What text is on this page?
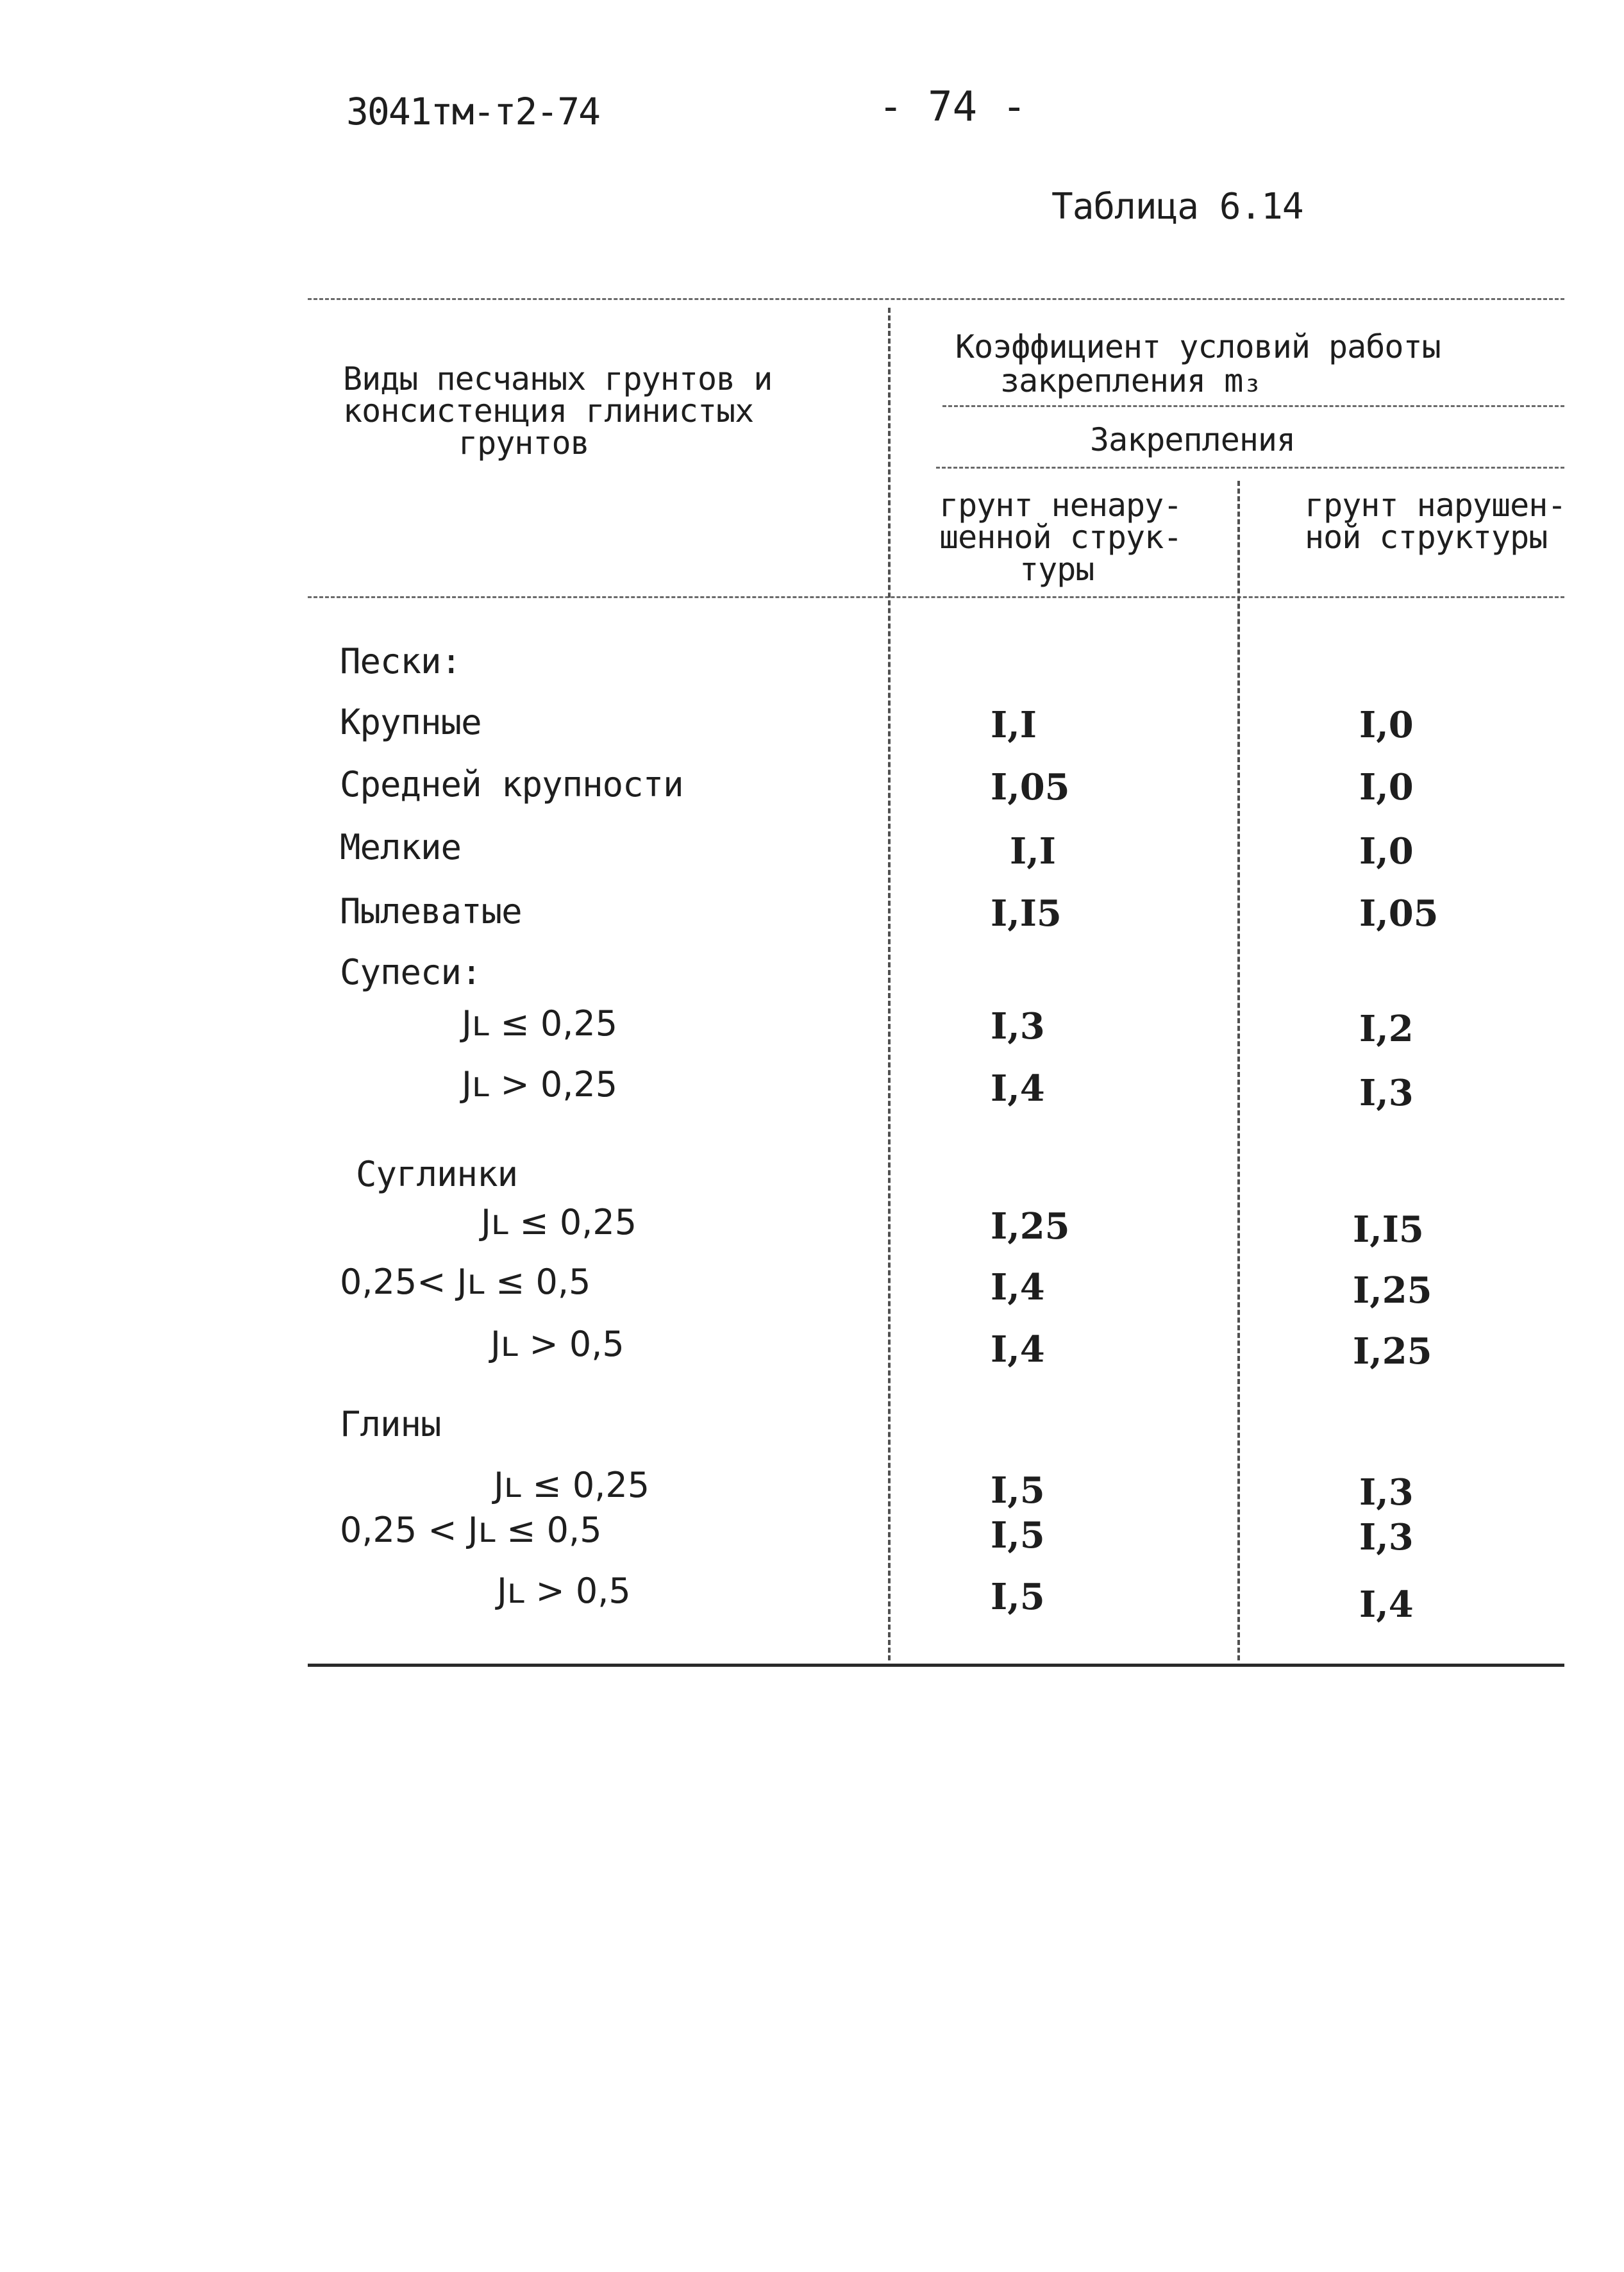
3041тм-т2-74	- 74 -
Таблица 6.14
Виды песчаных грунтов и
консистенция глинистых
грунтов
Коэффициент условий работы
закрепления m₃
Закрепления
грунт ненару-
шенной струк-
туры
грунт нарушен-
ной структуры
Пески:
Крупные	I,I	I,0
Средней крупности	I,05	I,0
Мелкие	I,I	I,0
Пылеватые	I,I5	I,05
Супеси:
Jʟ ≤ 0,25	I,3	I,2
Jʟ > 0,25	I,4	I,3
Суглинки
Jʟ ≤ 0,25	I,25	I,I5
0,25< Jʟ ≤ 0,5	I,4	I,25
Jʟ > 0,5	I,4	I,25
Глины
Jʟ ≤ 0,25	I,5	I,3
0,25 < Jʟ ≤ 0,5	I,5	I,3
Jʟ > 0,5	I,5	I,4
